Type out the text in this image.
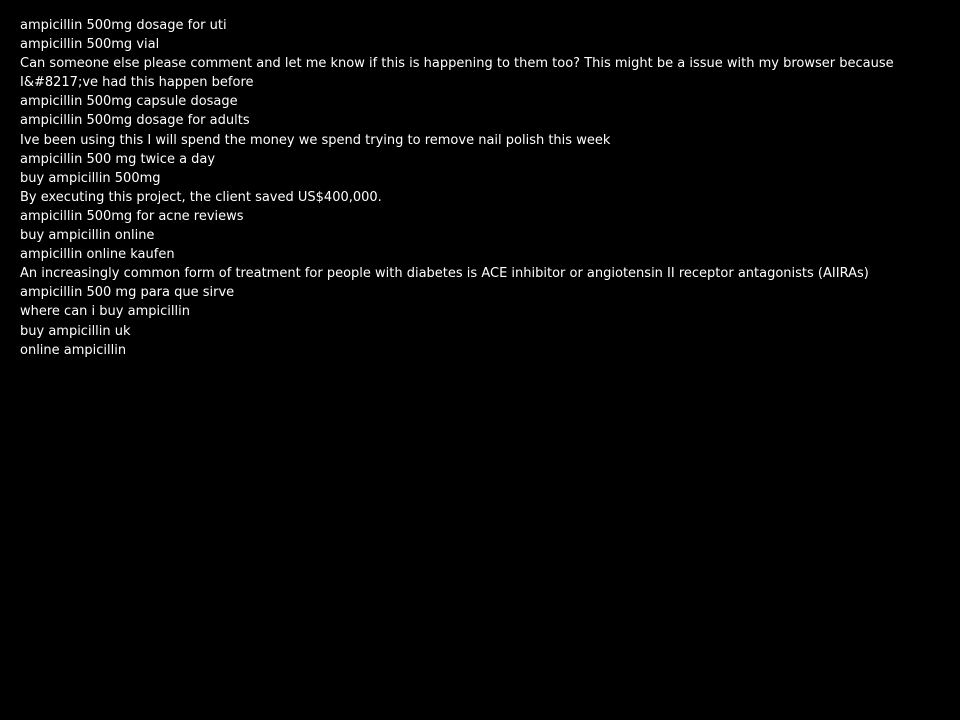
ampicillin 500mg dosage for uti

ampicillin 500mg vial

Can someone else please comment and let me know if this is happening to them too? This might be a issue with my browser because I&#8217;ve had this happen before

ampicillin 500mg capsule dosage

ampicillin 500mg dosage for adults

Ive been using this I will spend the money we spend trying to remove nail polish this week

ampicillin 500 mg twice a day

buy ampicillin 500mg

By executing this project, the client saved US$400,000.

ampicillin 500mg for acne reviews

buy ampicillin online

ampicillin online kaufen

An increasingly common form of treatment for people with diabetes is ACE inhibitor or angiotensin II receptor antagonists (AIIRAs)

ampicillin 500 mg para que sirve

where can i buy ampicillin

buy ampicillin uk

online ampicillin
